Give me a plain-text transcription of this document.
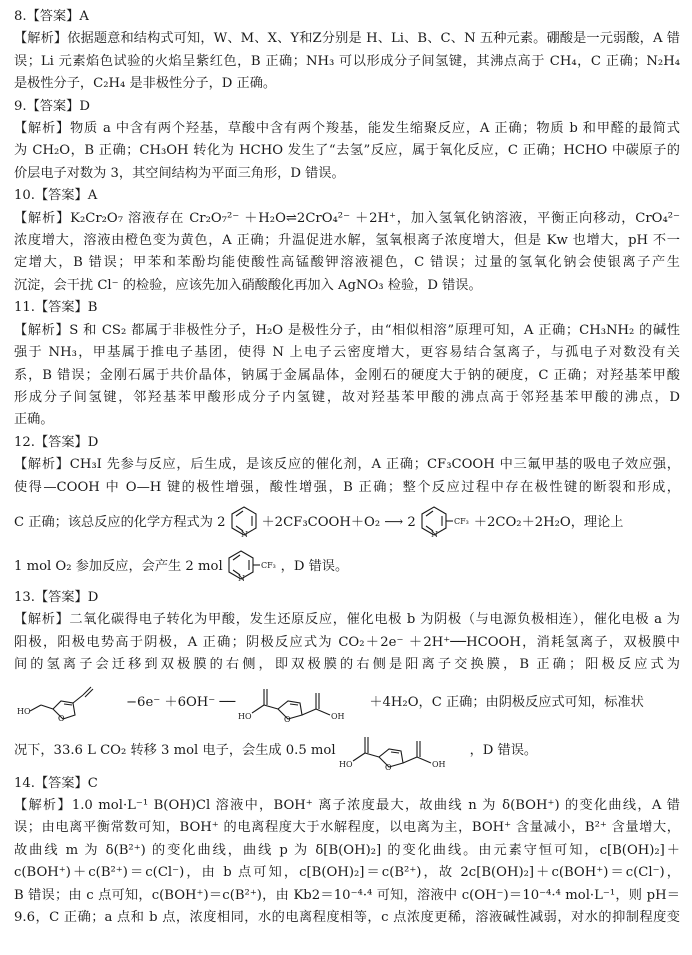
8.【答案】A
【解析】依据题意和结构式可知，W、M、X、Y和Z分别是 H、Li、B、C、N 五种元素。硼酸是一元弱酸，A 错
误；Li 元素焰色试验的火焰呈紫红色，B 正确；NH₃ 可以形成分子间氢键，其沸点高于 CH₄，C 正确；N₂H₄
是极性分子，C₂H₄ 是非极性分子，D 正确。
9.【答案】D
【解析】物质 a 中含有两个羟基，草酸中含有两个羧基，能发生缩聚反应，A 正确；物质 b 和甲醛的最简式
为 CH₂O，B 正确；CH₃OH 转化为 HCHO 发生了“去氢”反应，属于氧化反应，C 正确；HCHO 中碳原子的
价层电子对数为 3，其空间结构为平面三角形，D 错误。
10.【答案】A
【解析】K₂Cr₂O₇ 溶液存在 Cr₂O₇²⁻ ＋H₂O⇌2CrO₄²⁻ ＋2H⁺，加入氢氧化钠溶液，平衡正向移动，CrO₄²⁻
浓度增大，溶液由橙色变为黄色，A 正确；升温促进水解，氢氧根离子浓度增大，但是 Kw 也增大，pH 不一
定增大，B 错误；甲苯和苯酚均能使酸性高锰酸钾溶液褪色，C 错误；过量的氢氧化钠会使银离子产生
沉淀，会干扰 Cl⁻ 的检验，应该先加入硝酸酸化再加入 AgNO₃ 检验，D 错误。
11.【答案】B
【解析】S 和 CS₂ 都属于非极性分子，H₂O 是极性分子，由“相似相溶”原理可知，A 正确；CH₃NH₂ 的碱性
强于 NH₃，甲基属于推电子基团，使得 N 上电子云密度增大，更容易结合氢离子，与孤电子对数没有关
系，B 错误；金刚石属于共价晶体，钠属于金属晶体，金刚石的硬度大于钠的硬度，C 正确；对羟基苯甲酸
形成分子间氢键，邻羟基苯甲酸形成分子内氢键，故对羟基苯甲酸的沸点高于邻羟基苯甲酸的沸点，D
正确。
12.【答案】D
【解析】CH₃I 先参与反应，后生成，是该反应的催化剂，A 正确；CF₃COOH 中三氟甲基的吸电子效应强，
使得—COOH 中 O—H 键的极性增强，酸性增强，B 正确；整个反应过程中存在极性键的断裂和形成，
C 正确；该总反应的化学方程式为 2
N
＋2CF₃COOH＋O₂ ⟶ 2	CF₃
N
＋2CO₂＋2H₂O，理论上
1 mol O₂ 参加反应，会产生 2 mol	CF₃
N
，D 错误。
13.【答案】D
【解析】二氧化碳得电子转化为甲酸，发生还原反应，催化电极 b 为阴极（与电源负极相连），催化电极 a 为
阳极，阳极电势高于阴极，A 正确；阴极反应式为 CO₂＋2e⁻ ＋2H⁺──HCOOH，消耗氢离子，双极膜中
间的氢离子会迁移到双极膜的右侧，即双极膜的右侧是阳离子交换膜，B 正确；阳极反应式为
HO
O
−6e⁻ ＋6OH⁻ ──
HO	O	OH
＋4H₂O，C 正确；由阴极反应式可知，标准状
况下，33.6 L CO₂ 转移 3 mol 电子，会生成 0.5 mol
HO	O	OH
，D 错误。
14.【答案】C
【解析】1.0 mol·L⁻¹ B(OH)Cl 溶液中，BOH⁺ 离子浓度最大，故曲线 n 为 δ(BOH⁺) 的变化曲线，A 错
误；由电离平衡常数可知，BOH⁺ 的电离程度大于水解程度，以电离为主，BOH⁺ 含量减小，B²⁺ 含量增大，
故曲线 m 为 δ(B²⁺) 的变化曲线，曲线 p 为 δ[B(OH)₂] 的变化曲线。由元素守恒可知，c[B(OH)₂]＋
c(BOH⁺)＋c(B²⁺)＝c(Cl⁻)，由 b 点可知，c[B(OH)₂]＝c(B²⁺)，故 2c[B(OH)₂]＋c(BOH⁺)＝c(Cl⁻)，
B 错误；由 c 点可知，c(BOH⁺)＝c(B²⁺)，由 Kb2＝10⁻⁴·⁴ 可知，溶液中 c(OH⁻)＝10⁻⁴·⁴ mol·L⁻¹，则 pH＝
9.6，C 正确；a 点和 b 点，浓度相同，水的电离程度相等，c 点浓度更稀，溶液碱性减弱，对水的抑制程度变
